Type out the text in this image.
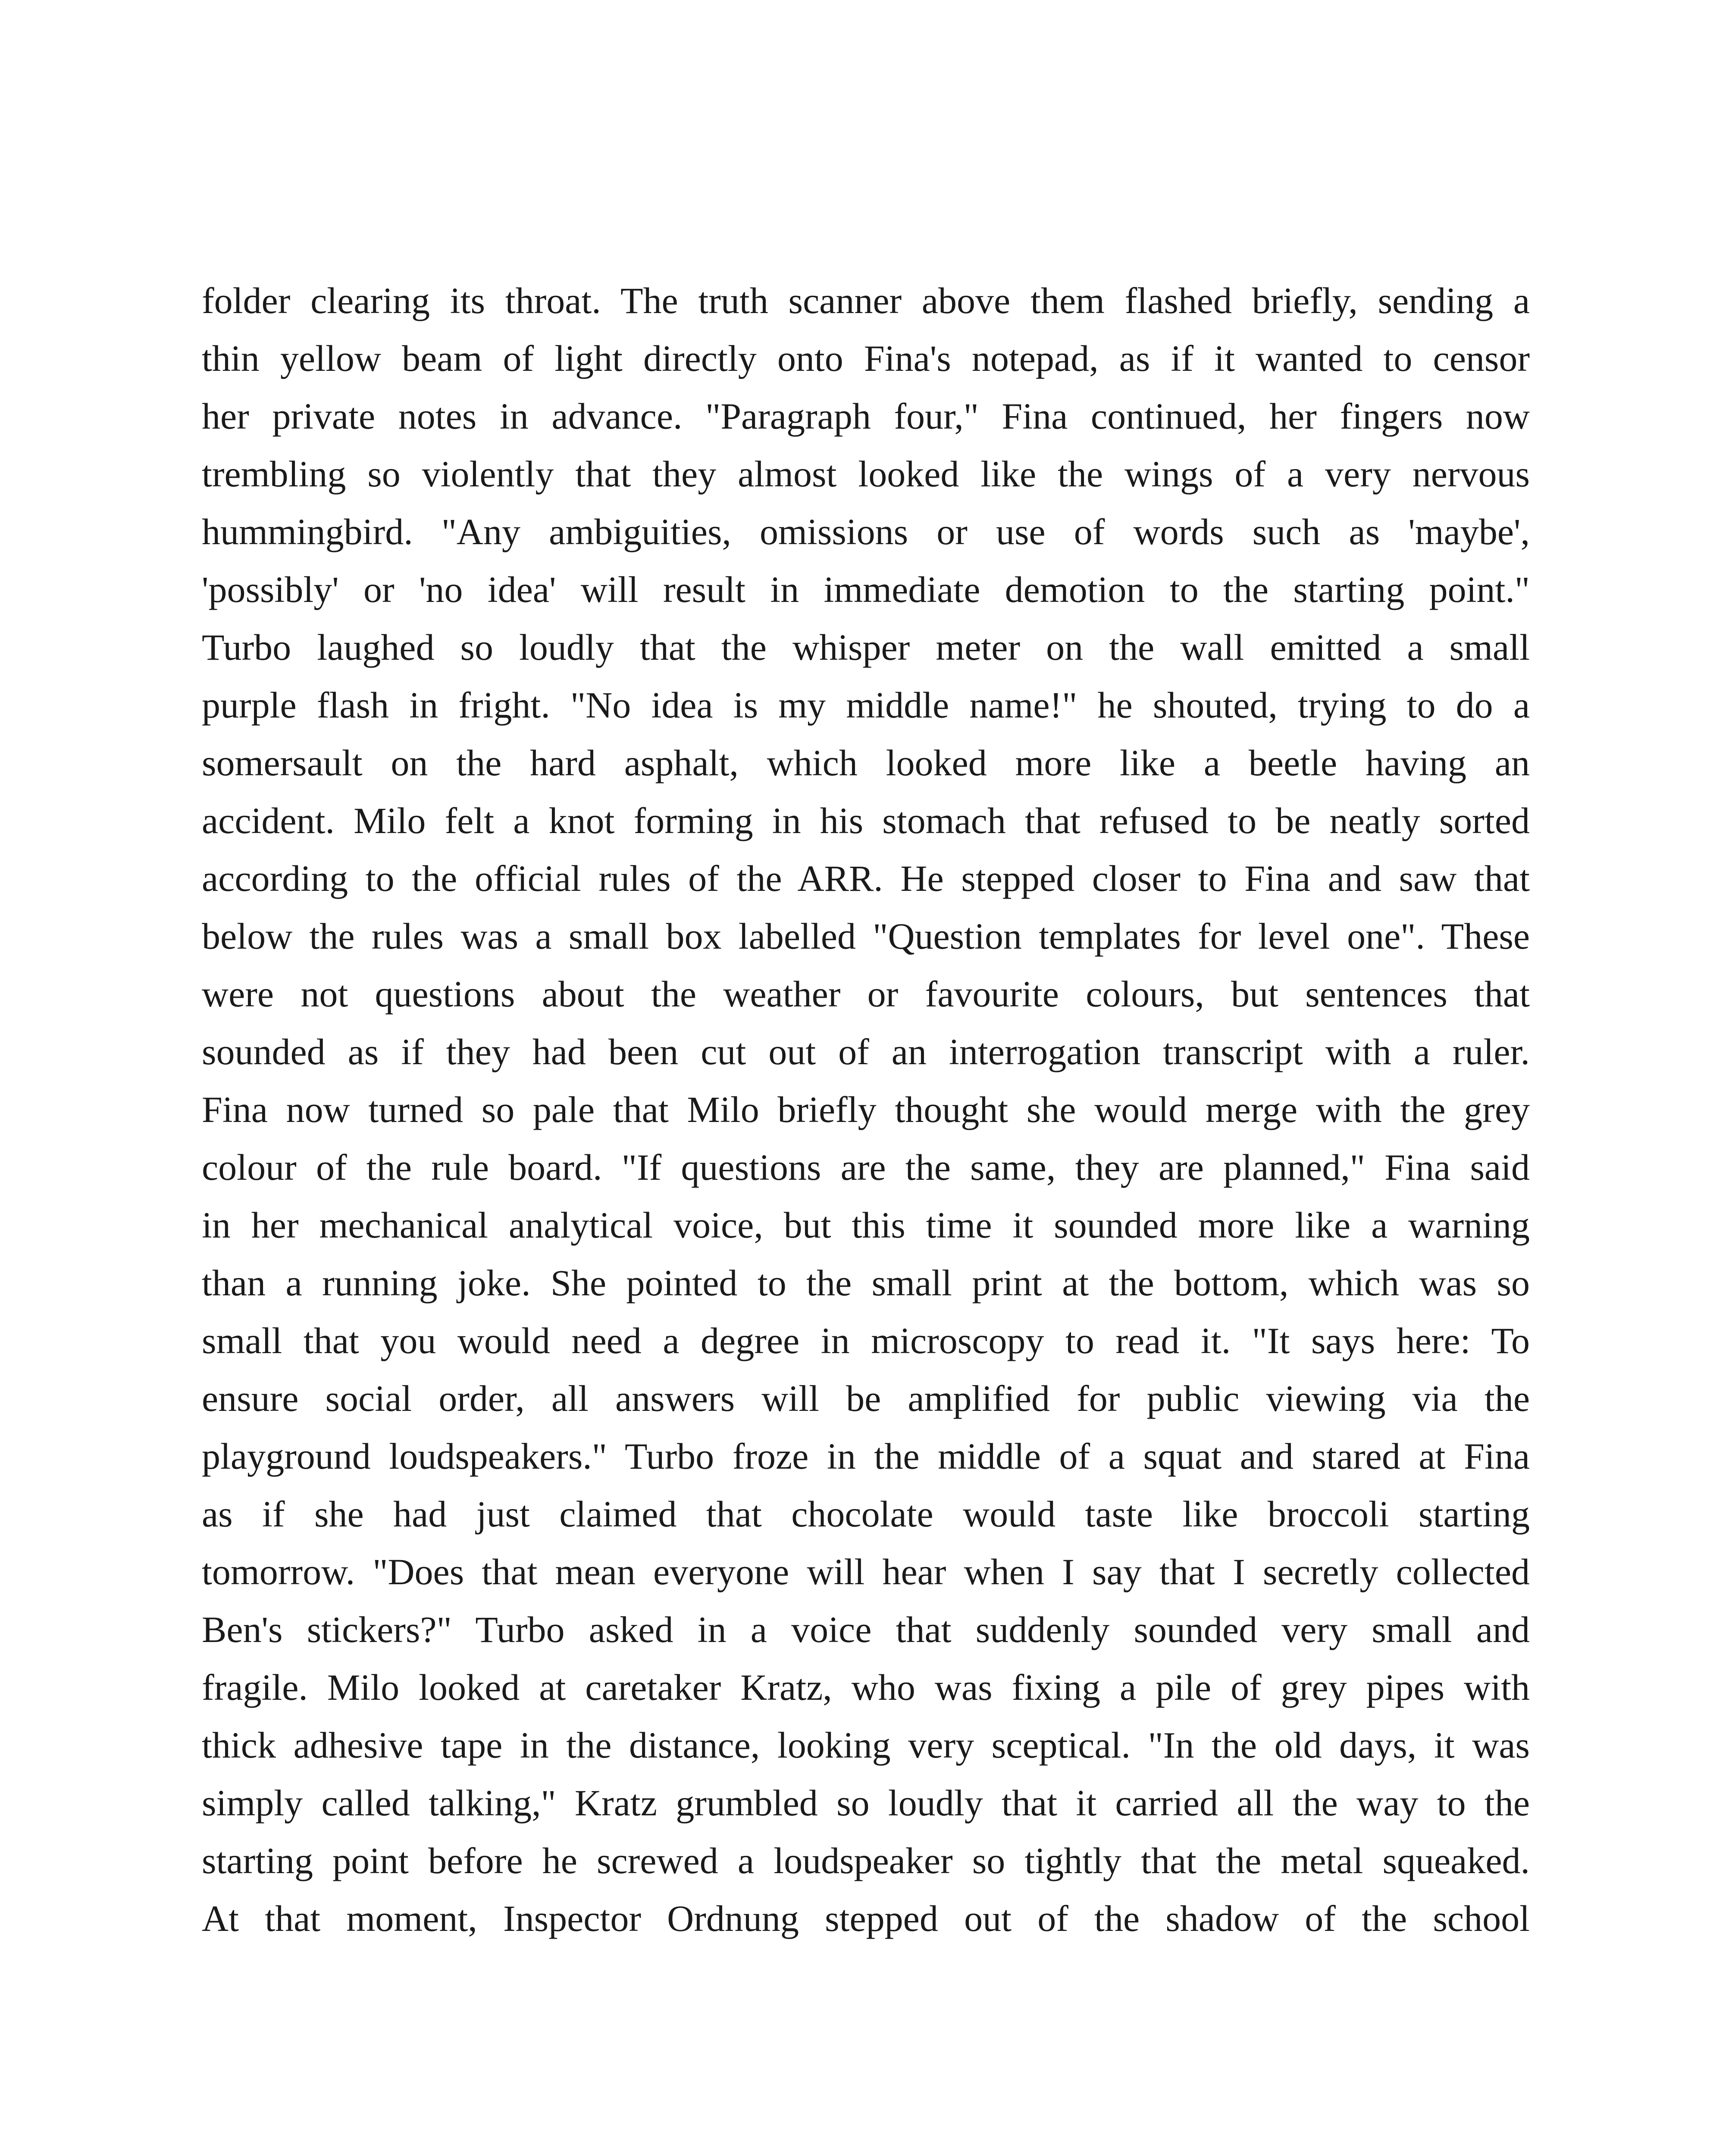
folder clearing its throat. The truth scanner above them flashed briefly, sending a
thin yellow beam of light directly onto Fina's notepad, as if it wanted to censor
her private notes in advance. "Paragraph four," Fina continued, her fingers now
trembling so violently that they almost looked like the wings of a very nervous
hummingbird. "Any ambiguities, omissions or use of words such as 'maybe',
'possibly' or 'no idea' will result in immediate demotion to the starting point."
Turbo laughed so loudly that the whisper meter on the wall emitted a small
purple flash in fright. "No idea is my middle name!" he shouted, trying to do a
somersault on the hard asphalt, which looked more like a beetle having an
accident. Milo felt a knot forming in his stomach that refused to be neatly sorted
according to the official rules of the ARR. He stepped closer to Fina and saw that
below the rules was a small box labelled "Question templates for level one". These
were not questions about the weather or favourite colours, but sentences that
sounded as if they had been cut out of an interrogation transcript with a ruler.
Fina now turned so pale that Milo briefly thought she would merge with the grey
colour of the rule board. "If questions are the same, they are planned," Fina said
in her mechanical analytical voice, but this time it sounded more like a warning
than a running joke. She pointed to the small print at the bottom, which was so
small that you would need a degree in microscopy to read it. "It says here: To
ensure social order, all answers will be amplified for public viewing via the
playground loudspeakers." Turbo froze in the middle of a squat and stared at Fina
as if she had just claimed that chocolate would taste like broccoli starting
tomorrow. "Does that mean everyone will hear when I say that I secretly collected
Ben's stickers?" Turbo asked in a voice that suddenly sounded very small and
fragile. Milo looked at caretaker Kratz, who was fixing a pile of grey pipes with
thick adhesive tape in the distance, looking very sceptical. "In the old days, it was
simply called talking," Kratz grumbled so loudly that it carried all the way to the
starting point before he screwed a loudspeaker so tightly that the metal squeaked.
At that moment, Inspector Ordnung stepped out of the shadow of the school
